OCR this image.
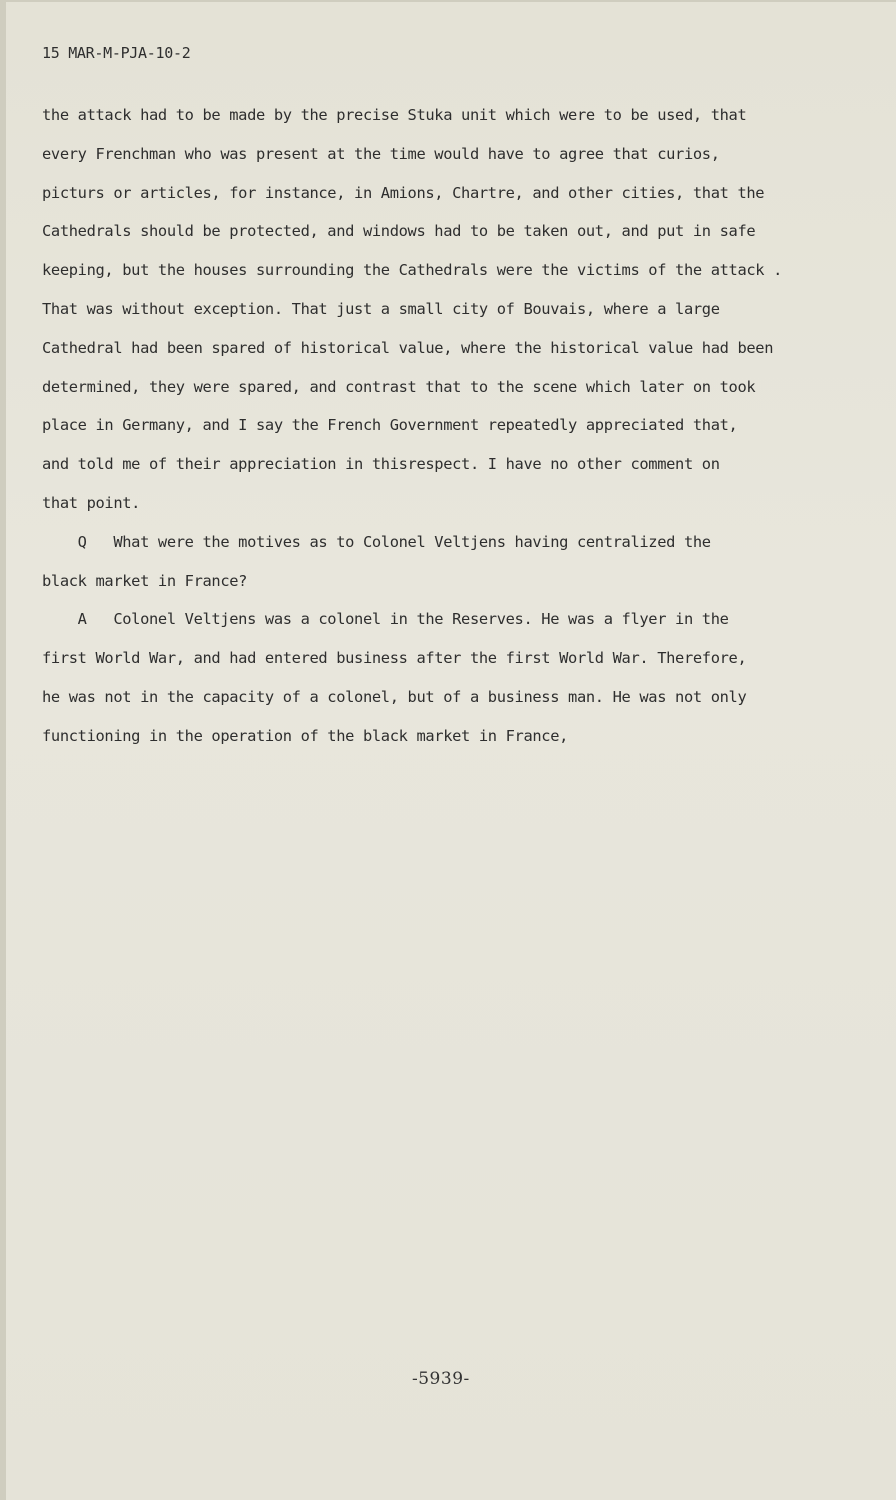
15 MAR-M-PJA-10-2
the attack had to be made by the precise Stuka unit which were to be used, that
every Frenchman who was present at the time would have to agree that curios,
picturs or articles, for instance, in Amions, Chartre, and other cities, that the
Cathedrals should be protected, and windows had to be taken out, and put in safe
keeping, but the houses surrounding the Cathedrals were the victims of the attack .
That was without exception. That just a small city of Bouvais, where a large
Cathedral had been spared of historical value, where the historical value had been
determined, they were spared, and contrast that to the scene which later on took
place in Germany, and I say the French Government repeatedly appreciated that,
and told me of their appreciation in thisrespect. I have no other comment on
that point.
Q   What were the motives as to Colonel Veltjens having centralized the
black market in France?
A   Colonel Veltjens was a colonel in the Reserves. He was a flyer in the
first World War, and had entered business after the first World War. Therefore,
he was not in the capacity of a colonel, but of a business man. He was not only
functioning in the operation of the black market in France,
-5939-
